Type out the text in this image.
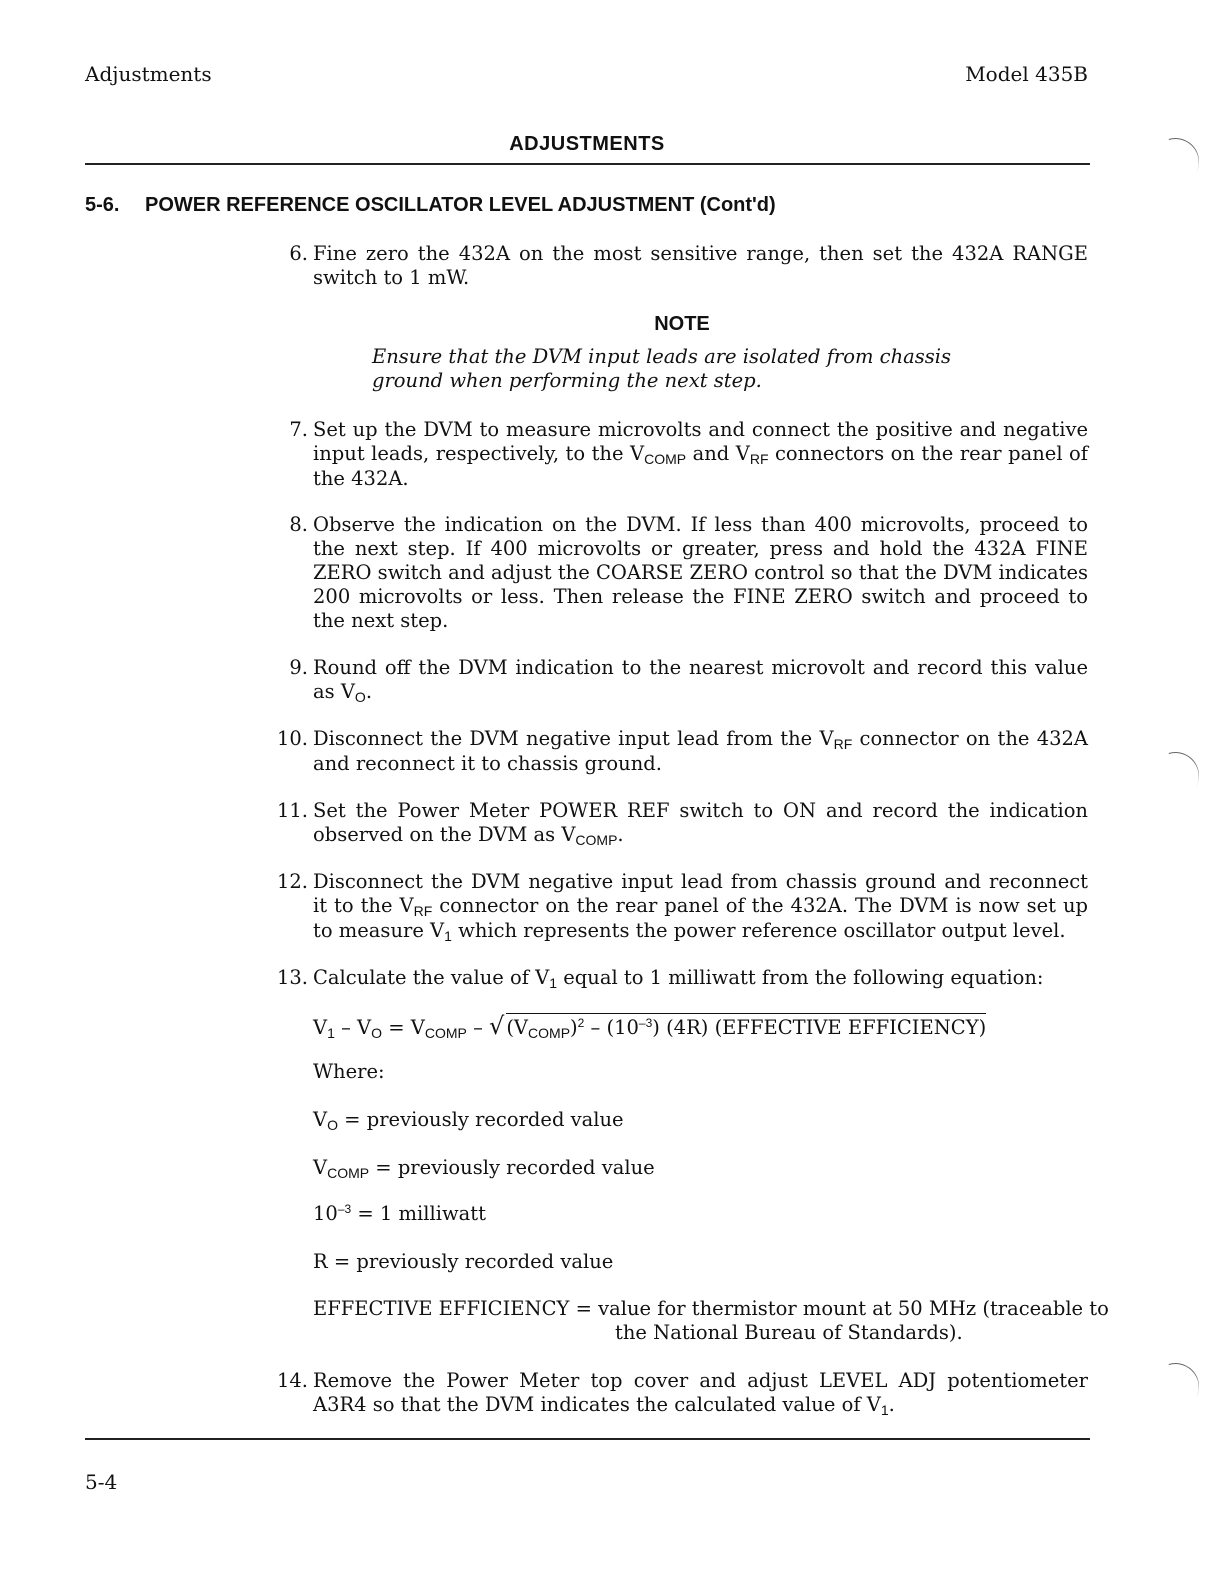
Adjustments	Model 435B
ADJUSTMENTS
5-6. POWER REFERENCE OSCILLATOR LEVEL ADJUSTMENT (Cont'd)
6. Fine zero the 432A on the most sensitive range, then set the 432A RANGE switch to 1 mW.
NOTE
Ensure that the DVM input leads are isolated from chassis ground when performing the next step.
7. Set up the DVM to measure microvolts and connect the positive and negative input leads, respectively, to the $V_{COMP}$ and $V_{RF}$ connectors on the rear panel of the 432A.
8. Observe the indication on the DVM. If less than 400 microvolts, proceed to the next step. If 400 microvolts or greater, press and hold the 432A FINE ZERO switch and adjust the COARSE ZERO control so that the DVM indicates 200 microvolts or less. Then release the FINE ZERO switch and proceed to the next step.
9. Round off the DVM indication to the nearest microvolt and record this value as $V_O$.
10. Disconnect the DVM negative input lead from the $V_{RF}$ connector on the 432A and reconnect it to chassis ground.
11. Set the Power Meter POWER REF switch to ON and record the indication observed on the DVM as $V_{COMP}$.
12. Disconnect the DVM negative input lead from chassis ground and reconnect it to the $V_{RF}$ connector on the rear panel of the 432A. The DVM is now set up to measure $V_1$ which represents the power reference oscillator output level.
13. Calculate the value of $V_1$ equal to 1 milliwatt from the following equation:
$V_1 - V_O = V_{COMP}$ – √ $(V_{COMP})^2 - (10^{-3})$ (4R) (EFFECTIVE EFFICIENCY)
Where:
$V_O$ = previously recorded value
$V_{COMP}$ = previously recorded value
$10^{-3} = 1$ milliwatt
R = previously recorded value
EFFECTIVE EFFICIENCY = value for thermistor mount at 50 MHz (traceable to
the National Bureau of Standards).
14. Remove the Power Meter top cover and adjust LEVEL ADJ potentiometer A3R4 so that the DVM indicates the calculated value of $V_1$.
5-4
